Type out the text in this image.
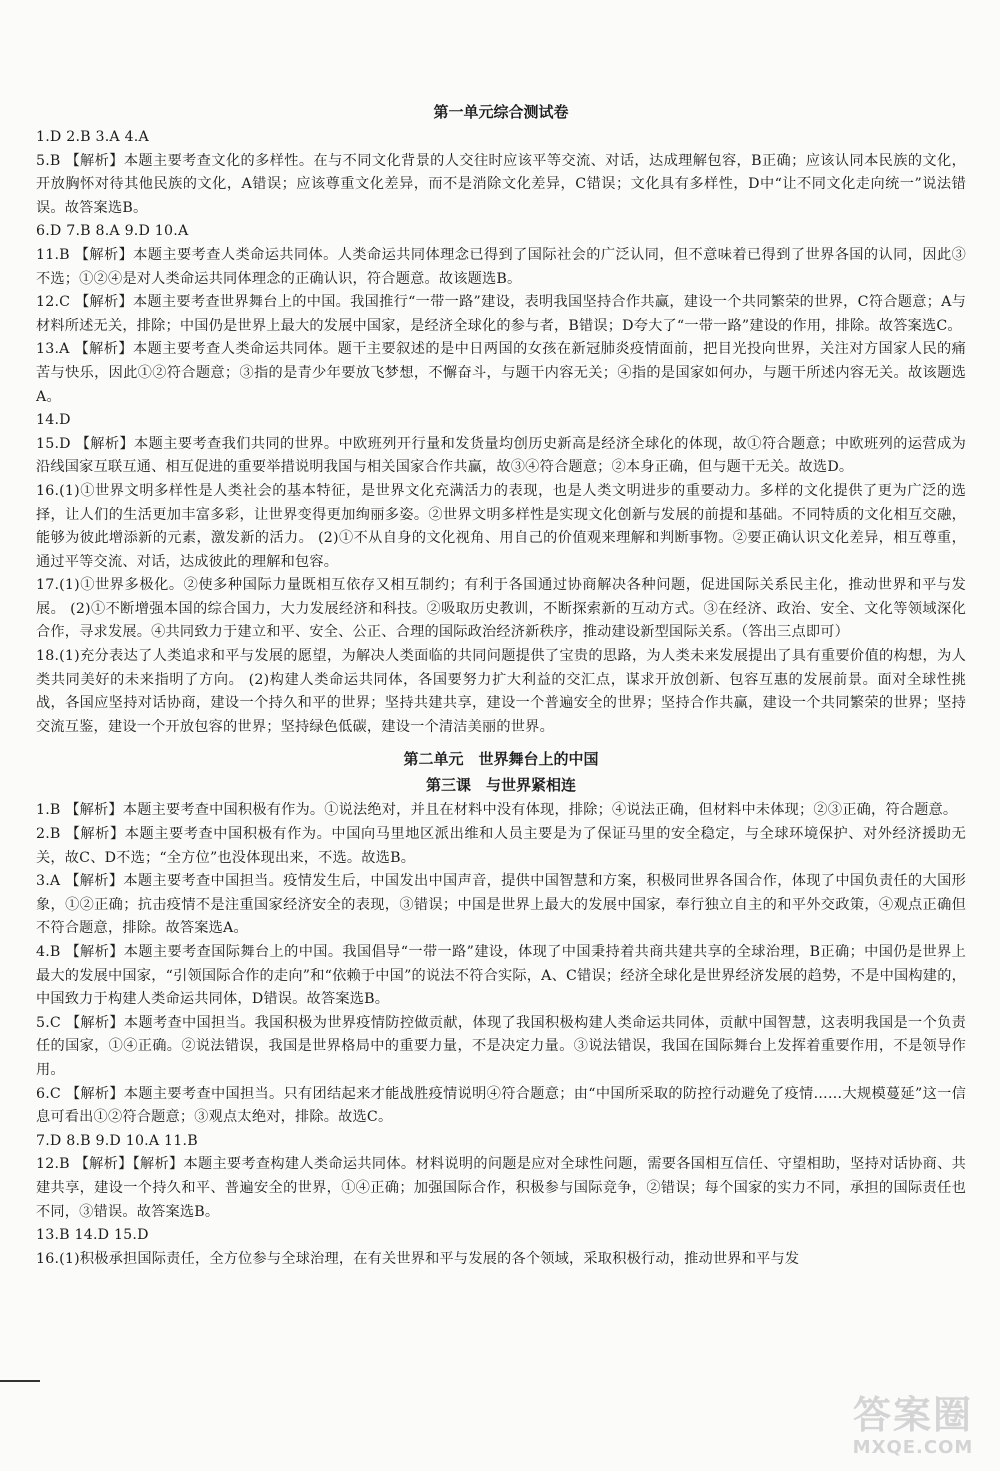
第一单元综合测试卷

1.D 2.B 3.A 4.A

5.B 【解析】本题主要考查文化的多样性。在与不同文化背景的人交往时应该平等交流、对话，达成理解包容，B正确；应该认同本民族的文化，开放胸怀对待其他民族的文化，A错误；应该尊重文化差异，而不是消除文化差异，C错误；文化具有多样性，D中“让不同文化走向统一”说法错误。故答案选B。

6.D 7.B 8.A 9.D 10.A

11.B 【解析】本题主要考查人类命运共同体。人类命运共同体理念已得到了国际社会的广泛认同，但不意味着已得到了世界各国的认同，因此③不选；①②④是对人类命运共同体理念的正确认识，符合题意。故该题选B。

12.C 【解析】本题主要考查世界舞台上的中国。我国推行“一带一路”建设，表明我国坚持合作共赢，建设一个共同繁荣的世界，C符合题意；A与材料所述无关，排除；中国仍是世界上最大的发展中国家，是经济全球化的参与者，B错误；D夸大了“一带一路”建设的作用，排除。故答案选C。

13.A 【解析】本题主要考查人类命运共同体。题干主要叙述的是中日两国的女孩在新冠肺炎疫情面前，把目光投向世界，关注对方国家人民的痛苦与快乐，因此①②符合题意；③指的是青少年要放飞梦想，不懈奋斗，与题干内容无关；④指的是国家如何办，与题干所述内容无关。故该题选A。

14.D

15.D 【解析】本题主要考查我们共同的世界。中欧班列开行量和发货量均创历史新高是经济全球化的体现，故①符合题意；中欧班列的运营成为沿线国家互联互通、相互促进的重要举措说明我国与相关国家合作共赢，故③④符合题意；②本身正确，但与题干无关。故选D。

16.(1)①世界文明多样性是人类社会的基本特征，是世界文化充满活力的表现，也是人类文明进步的重要动力。多样的文化提供了更为广泛的选择，让人们的生活更加丰富多彩，让世界变得更加绚丽多姿。②世界文明多样性是实现文化创新与发展的前提和基础。不同特质的文化相互交融，能够为彼此增添新的元素，激发新的活力。 (2)①不从自身的文化视角、用自己的价值观来理解和判断事物。②要正确认识文化差异，相互尊重，通过平等交流、对话，达成彼此的理解和包容。

17.(1)①世界多极化。②使多种国际力量既相互依存又相互制约；有利于各国通过协商解决各种问题，促进国际关系民主化，推动世界和平与发展。 (2)①不断增强本国的综合国力，大力发展经济和科技。②吸取历史教训，不断探索新的互动方式。③在经济、政治、安全、文化等领域深化合作，寻求发展。④共同致力于建立和平、安全、公正、合理的国际政治经济新秩序，推动建设新型国际关系。（答出三点即可）

18.(1)充分表达了人类追求和平与发展的愿望，为解决人类面临的共同问题提供了宝贵的思路，为人类未来发展提出了具有重要价值的构想，为人类共同美好的未来指明了方向。 (2)构建人类命运共同体，各国要努力扩大利益的交汇点，谋求开放创新、包容互惠的发展前景。面对全球性挑战，各国应坚持对话协商，建设一个持久和平的世界；坚持共建共享，建设一个普遍安全的世界；坚持合作共赢，建设一个共同繁荣的世界；坚持交流互鉴，建设一个开放包容的世界；坚持绿色低碳，建设一个清洁美丽的世界。

第二单元　世界舞台上的中国
第三课　与世界紧相连

1.B 【解析】本题主要考查中国积极有作为。①说法绝对，并且在材料中没有体现，排除；④说法正确，但材料中未体现；②③正确，符合题意。

2.B 【解析】本题主要考查中国积极有作为。中国向马里地区派出维和人员主要是为了保证马里的安全稳定，与全球环境保护、对外经济援助无关，故C、D不选；“全方位”也没体现出来，不选。故选B。

3.A 【解析】本题主要考查中国担当。疫情发生后，中国发出中国声音，提供中国智慧和方案，积极同世界各国合作，体现了中国负责任的大国形象，①②正确；抗击疫情不是注重国家经济安全的表现，③错误；中国是世界上最大的发展中国家，奉行独立自主的和平外交政策，④观点正确但不符合题意，排除。故答案选A。

4.B 【解析】本题主要考查国际舞台上的中国。我国倡导“一带一路”建设，体现了中国秉持着共商共建共享的全球治理，B正确；中国仍是世界上最大的发展中国家，“引领国际合作的走向”和“依赖于中国”的说法不符合实际，A、C错误；经济全球化是世界经济发展的趋势，不是中国构建的，中国致力于构建人类命运共同体，D错误。故答案选B。

5.C 【解析】本题考查中国担当。我国积极为世界疫情防控做贡献，体现了我国积极构建人类命运共同体，贡献中国智慧，这表明我国是一个负责任的国家，①④正确。②说法错误，我国是世界格局中的重要力量，不是决定力量。③说法错误，我国在国际舞台上发挥着重要作用，不是领导作用。

6.C 【解析】本题主要考查中国担当。只有团结起来才能战胜疫情说明④符合题意；由“中国所采取的防控行动避免了疫情……大规模蔓延”这一信息可看出①②符合题意；③观点太绝对，排除。故选C。

7.D 8.B 9.D 10.A 11.B

12.B 【解析】【解析】本题主要考查构建人类命运共同体。材料说明的问题是应对全球性问题，需要各国相互信任、守望相助，坚持对话协商、共建共享，建设一个持久和平、普遍安全的世界，①④正确；加强国际合作，积极参与国际竞争，②错误；每个国家的实力不同，承担的国际责任也不同，③错误。故答案选B。

13.B 14.D 15.D

16.(1)积极承担国际责任，全方位参与全球治理，在有关世界和平与发展的各个领域，采取积极行动，推动世界和平与发

答案圈
MXQE.COM
